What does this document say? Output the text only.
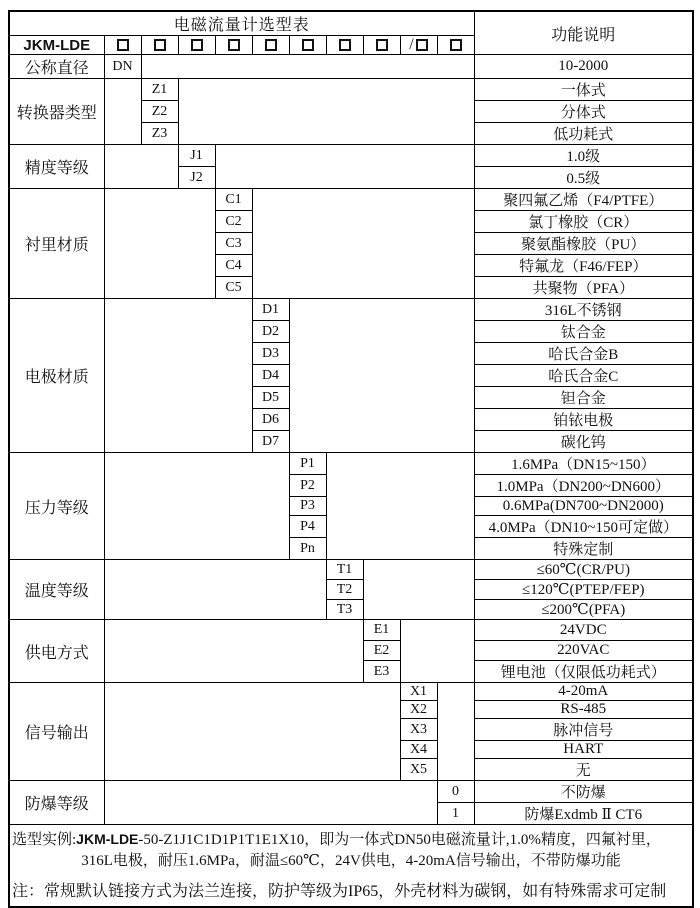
电磁流量计选型表											功能说明
JKM-LDE									/		
公称直径	DN										10-2000
转换器类型		Z1									一体式
		Z2									分体式
		Z3									低功耗式
精度等级			J1								1.0级
			J2								0.5级
衬里材质				C1							聚四氟乙烯（F4/PTFE）
				C2							氯丁橡胶（CR）
				C3							聚氨酯橡胶（PU）
				C4							特氟龙（F46/FEP）
				C5							共聚物（PFA）
电极材质					D1						316L不锈钢
					D2						钛合金
					D3						哈氏合金B
					D4						哈氏合金C
					D5						钽合金
					D6						铂铱电极
					D7						碳化钨
压力等级						P1					1.6MPa（DN15~150）
						P2					1.0MPa（DN200~DN600）
						P3					0.6MPa(DN700~DN2000)
						P4					4.0MPa（DN10~150可定做）
						Pn					特殊定制
温度等级							T1				≤60℃(CR/PU)
							T2				≤120℃(PTEP/FEP)
							T3				≤200℃(PFA)
供电方式								E1			24VDC
								E2			220VAC
								E3			锂电池（仅限低功耗式）
信号输出									X1		4-20mA
									X2		RS-485
									X3		脉冲信号
									X4		HART
									X5		无
防爆等级										0	不防爆
										1	防爆Exdmb Ⅱ CT6

选型实例:JKM-LDE-50-Z1J1C1D1P1T1E1X10，即为一体式DN50电磁流量计,1.0%精度，四氟衬里，
316L电极，耐压1.6MPa，耐温≤60℃，24V供电，4-20mA信号输出，不带防爆功能
注：常规默认链接方式为法兰连接，防护等级为IP65，外壳材料为碳钢，如有特殊需求可定制											
